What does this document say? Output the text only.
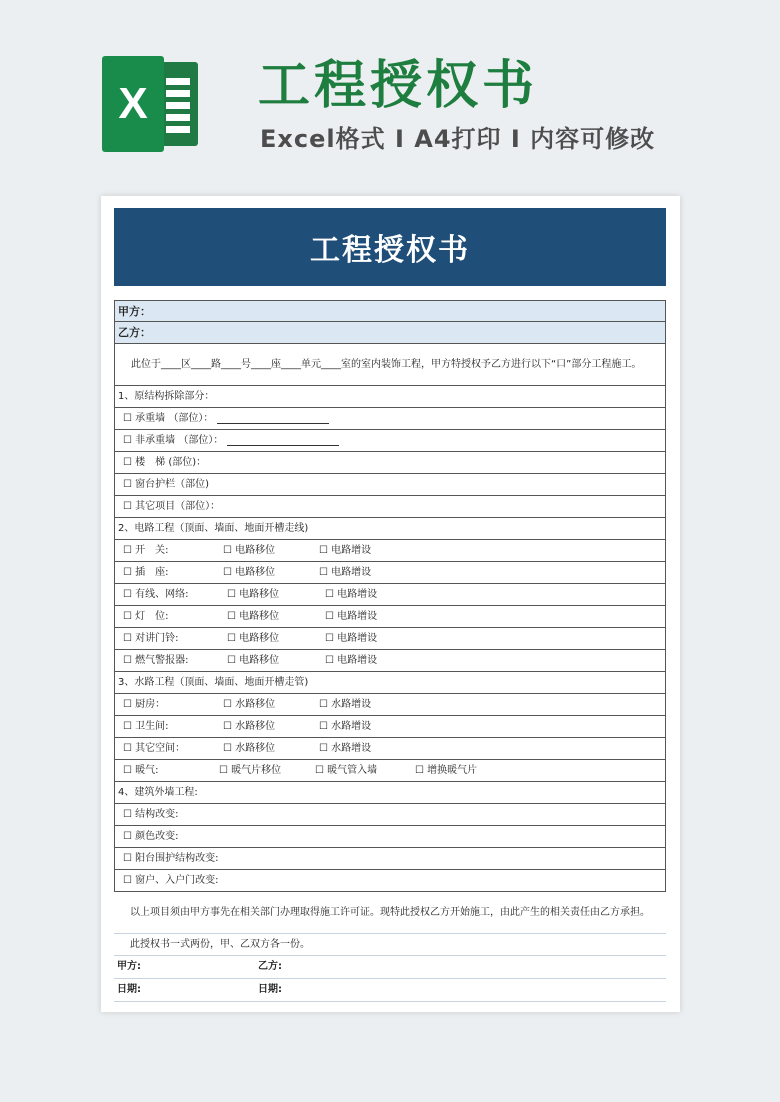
X	工程授权书
Excel格式 I A4打印 I 内容可修改
工程授权书
甲方：
乙方：
此位于____区____路____号____座____单元____室的室内装饰工程，甲方特授权予乙方进行以下“口”部分工程施工。
1、原结构拆除部分：
☐ 承重墙 （部位）：
☐ 非承重墙 （部位）：
☐ 楼　梯 (部位)：
☐ 窗台护栏（部位)
☐ 其它项目（部位）：
2、电路工程（顶面、墙面、地面开槽走线)
☐ 开　关:	☐ 电路移位	☐ 电路增设
☐ 插　座:	☐ 电路移位	☐ 电路增设
☐ 有线、网络:	☐ 电路移位	☐ 电路增设
☐ 灯　位:	☐ 电路移位	☐ 电路增设
☐ 对讲门铃:	☐ 电路移位	☐ 电路增设
☐ 燃气警报器:	☐ 电路移位	☐ 电路增设
3、水路工程（顶面、墙面、地面开槽走管)
☐ 厨房：	☐ 水路移位	☐ 水路增设
☐ 卫生间:	☐ 水路移位	☐ 水路增设
☐ 其它空间：	☐ 水路移位	☐ 水路增设
☐ 暖气:	☐ 暖气片移位	☐ 暖气管入墙	☐ 增换暖气片
4、建筑外墙工程:
☐ 结构改变:
☐ 颜色改变:
☐ 阳台围护结构改变:
☐ 窗户、入户门改变:
以上项目须由甲方事先在相关部门办理取得施工许可证。现特此授权乙方开始施工，由此产生的相关责任由乙方承担。
此授权书一式两份，甲、乙双方各一份。
甲方:	乙方:
日期:	日期:
